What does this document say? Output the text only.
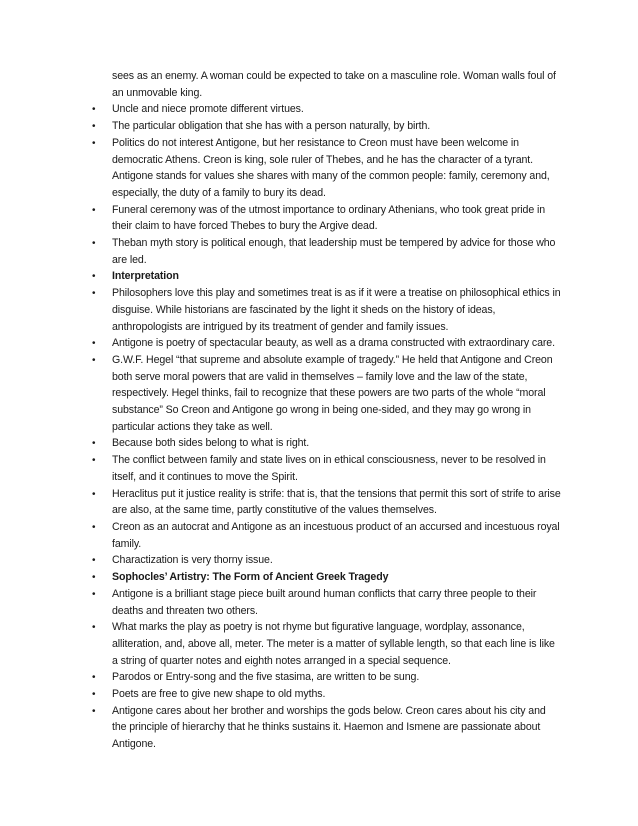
sees as an enemy. A woman could be expected to take on a masculine role. Woman walls foul of an unmovable king.
•
Uncle and niece promote different virtues.
•
The particular obligation that she has with a person naturally, by birth.
•
Politics do not interest Antigone, but her resistance to Creon must have been welcome in democratic Athens. Creon is king, sole ruler of Thebes, and he has the character of a tyrant. Antigone stands for values she shares with many of the common people: family, ceremony and, especially, the duty of a family to bury its dead.
•
Funeral ceremony was of the utmost importance to ordinary Athenians, who took great pride in their claim to have forced Thebes to bury the Argive dead.
•
Theban myth story is political enough, that leadership must be tempered by advice for those who are led.
•
Interpretation
•
Philosophers love this play and sometimes treat is as if it were a treatise on philosophical ethics in disguise. While historians are fascinated by the light it sheds on the history of ideas, anthropologists are intrigued by its treatment of gender and family issues.
•
Antigone is poetry of spectacular beauty, as well as a drama constructed with extraordinary care.
•
G.W.F. Hegel “that supreme and absolute example of tragedy.” He held that Antigone and Creon both serve moral powers that are valid in themselves – family love and the law of the state, respectively. Hegel thinks, fail to recognize that these powers are two parts of the whole “moral substance” So Creon and Antigone go wrong in being one-sided, and they may go wrong in particular actions they take as well.
•
Because both sides belong to what is right.
•
The conflict between family and state lives on in ethical consciousness, never to be resolved in itself, and it continues to move the Spirit.
•
Heraclitus put it justice reality is strife: that is, that the tensions that permit this sort of strife to arise are also, at the same time, partly constitutive of the values themselves.
•
Creon as an autocrat and Antigone as an incestuous product of an accursed and incestuous royal family.
•
Charactization is very thorny issue.
•
Sophocles’ Artistry: The Form of Ancient Greek Tragedy
•
Antigone is a brilliant stage piece built around human conflicts that carry three people to their deaths and threaten two others.
•
What marks the play as poetry is not rhyme but figurative language, wordplay, assonance, alliteration, and, above all, meter. The meter is a matter of syllable length, so that each line is like a string of quarter notes and eighth notes arranged in a special sequence.
•
Parodos or Entry-song and the five stasima, are written to be sung.
•
Poets are free to give new shape to old myths.
•
Antigone cares about her brother and worships the gods below. Creon cares about his city and the principle of hierarchy that he thinks sustains it. Haemon and Ismene are passionate about Antigone.
